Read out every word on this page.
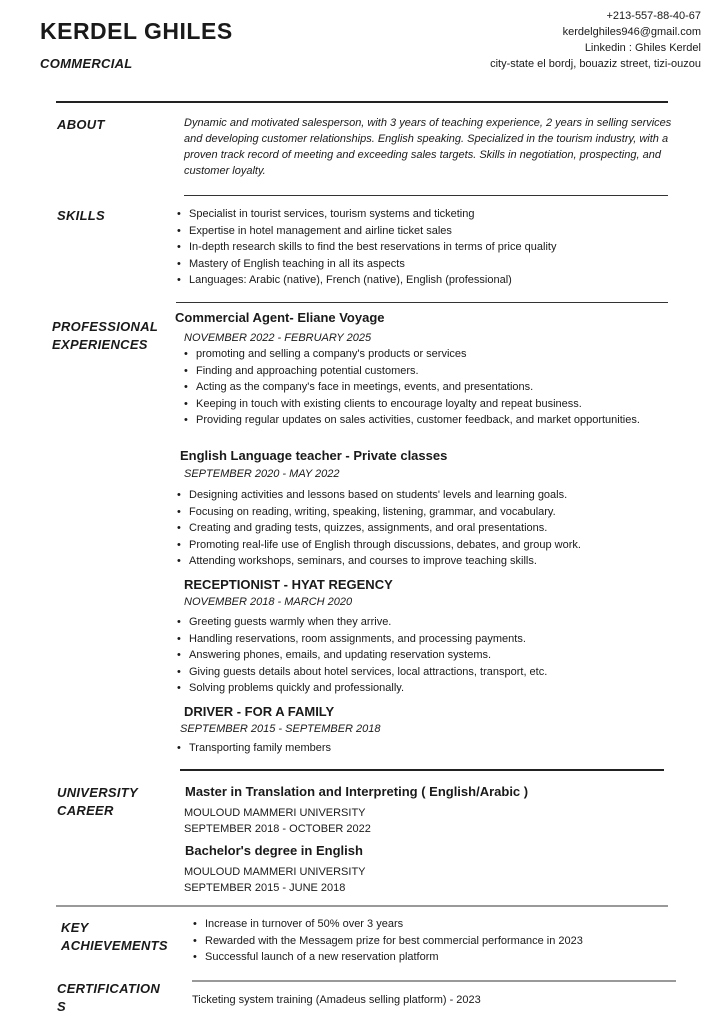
KERDEL GHILES
COMMERCIAL
+213-557-88-40-67
kerdelghiles946@gmail.com
Linkedin : Ghiles Kerdel
city-state el bordj, bouaziz street, tizi-ouzou
ABOUT	Dynamic and motivated salesperson, with 3 years of teaching experience, 2 years in selling services and developing customer relationships. English speaking. Specialized in the tourism industry, with a proven track record of meeting and exceeding sales targets. Skills in negotiation, prospecting, and customer loyalty.
SKILLS
•	Specialist in tourist services, tourism systems and ticketing
• Expertise in hotel management and airline ticket sales
• In-depth research skills to find the best reservations in terms of price quality
• Mastery of English teaching in all its aspects
• Languages: Arabic (native), French (native), English (professional)
PROFESSIONAL
EXPERIENCES
Commercial Agent- Eliane Voyage
NOVEMBER 2022 - FEBRUARY 2025
• promoting and selling a company's products or services
• Finding and approaching potential customers.
• Acting as the company's face in meetings, events, and presentations.
• Keeping in touch with existing clients to encourage loyalty and repeat business.
• Providing regular updates on sales activities, customer feedback, and market opportunities.
English Language teacher - Private classes
SEPTEMBER 2020 - MAY 2022
• Designing activities and lessons based on students' levels and learning goals.
• Focusing on reading, writing, speaking, listening, grammar, and vocabulary.
• Creating and grading tests, quizzes, assignments, and oral presentations.
• Promoting real-life use of English through discussions, debates, and group work.
• Attending workshops, seminars, and courses to improve teaching skills.
RECEPTIONIST - HYAT REGENCY
NOVEMBER 2018 - MARCH 2020
• Greeting guests warmly when they arrive.
• Handling reservations, room assignments, and processing payments.
• Answering phones, emails, and updating reservation systems.
• Giving guests details about hotel services, local attractions, transport, etc.
• Solving problems quickly and professionally.
DRIVER - FOR A FAMILY
SEPTEMBER 2015 - SEPTEMBER 2018
• Transporting family members
UNIVERSITY
CAREER
Master in Translation and Interpreting ( English/Arabic )
MOULOUD MAMMERI UNIVERSITY
SEPTEMBER 2018 - OCTOBER 2022
Bachelor's degree in English
MOULOUD MAMMERI UNIVERSITY
SEPTEMBER 2015 - JUNE 2018
KEY
ACHIEVEMENTS
• Increase in turnover of 50% over 3 years
• Rewarded with the Messagem prize for best commercial performance in 2023
• Successful launch of a new reservation platform
CERTIFICATION
S	Ticketing system training (Amadeus selling platform) - 2023
